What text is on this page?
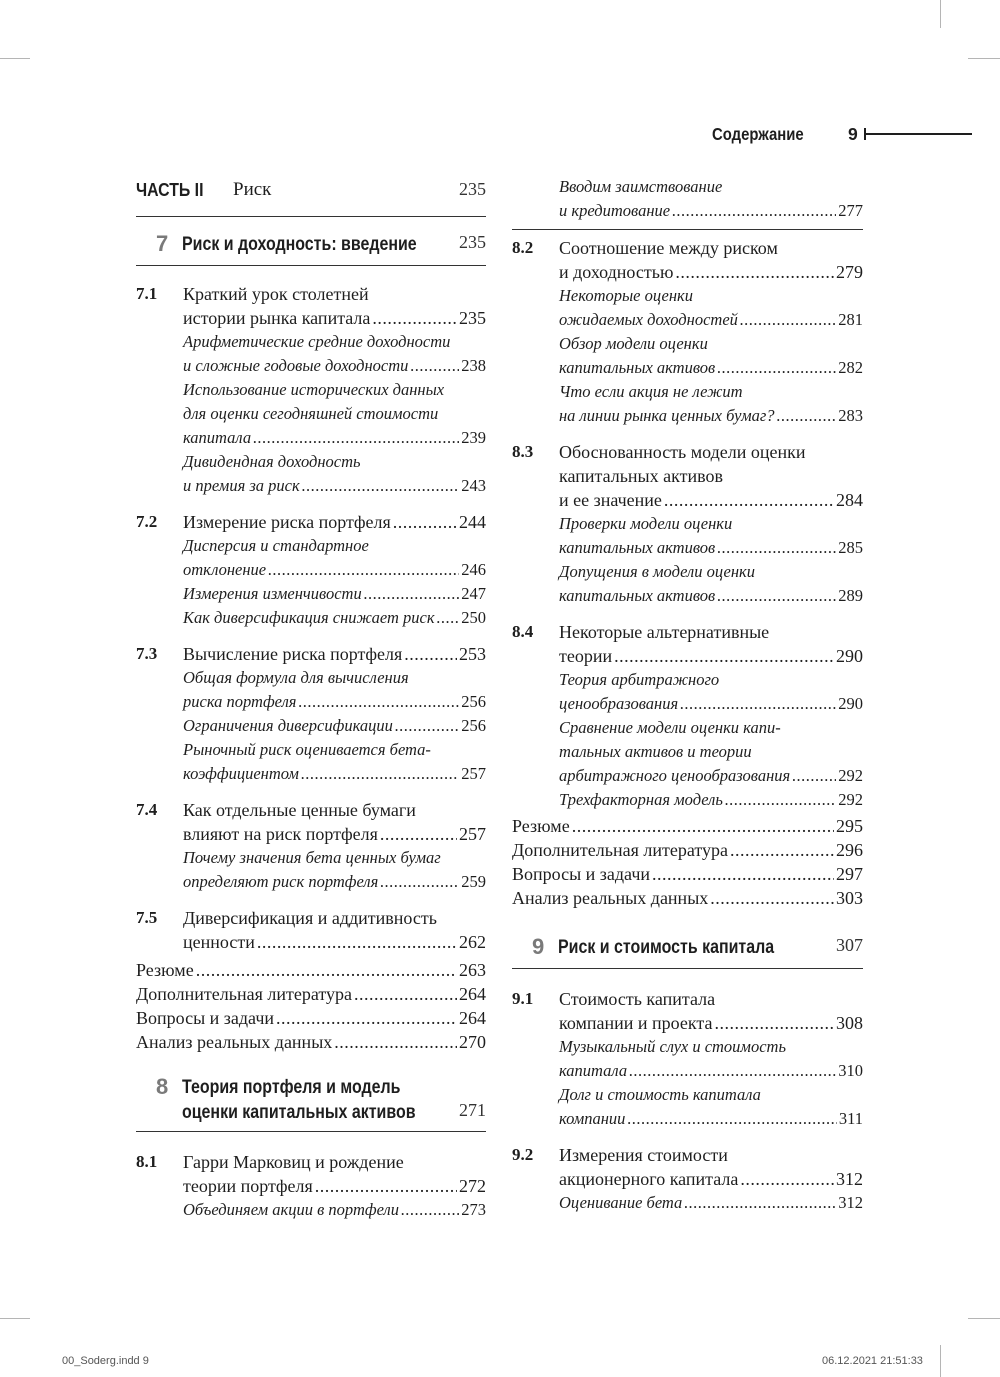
Содержание	9
ЧАСТЬ II Риск	235
7 Риск и доходность: введение 235
7.1 Краткий урок столетней
истории рынка капитала .....	235
Арифметические средние доходности
и сложные годовые доходности .....	238
Использование исторических данных
для оценки сегодняшней стоимости
капитала .....	239
Дивидендная доходность
и премия за риск .....	243
7.2 Измерение риска портфеля .....	244
Дисперсия и стандартное
отклонение .....	246
Измерения изменчивости .....	247
Как диверсификация снижает риск ..... 250
7.3 Вычисление риска портфеля .....	253
Общая формула для вычисления
риска портфеля .....	256
Ограничения диверсификации .....	256
Рыночный риск оценивается бета-
коэффициентом .....	257
7.4 Как отдельные ценные бумаги
влияют на риск портфеля .....	257
Почему значения бета ценных бумаг
определяют риск портфеля .....	259
7.5 Диверсификация и аддитивность
ценности .....	262
Резюме .....	263
Дополнительная литература .....	264
Вопросы и задачи .....	264
Анализ реальных данных .....	270
8 Теория портфеля и модель
оценки капитальных активов 271
8.1 Гарри Марковиц и рождение
теории портфеля .....	272
Объединяем акции в портфели .....	273
Вводим заимствование
и кредитование .....	277
8.2 Соотношение между риском
и доходностью .....	279
Некоторые оценки
ожидаемых доходностей .....	281
Обзор модели оценки
капитальных активов .....	282
Что если акция не лежит
на линии рынка ценных бумаг? .....	283
8.3 Обоснованность модели оценки
капитальных активов
и ее значение .....	284
Проверки модели оценки
капитальных активов .....	285
Допущения в модели оценки
капитальных активов .....	289
8.4 Некоторые альтернативные
теории .....	290
Теория арбитражного
ценообразования .....	290
Сравнение модели оценки капи-
тальных активов и теории
арбитражного ценообразования .....	292
Трехфакторная модель .....	292
Резюме .....	295
Дополнительная литература .....	296
Вопросы и задачи .....	297
Анализ реальных данных .....	303
9 Риск и стоимость капитала	307
9.1 Стоимость капитала
компании и проекта .....	308
Музыкальный слух и стоимость
капитала .....	310
Долг и стоимость капитала
компании .....	311
9.2 Измерения стоимости
акционерного капитала .....	312
Оценивание бета .....	312
00_Soderg.indd 9	06.12.2021 21:51:33
